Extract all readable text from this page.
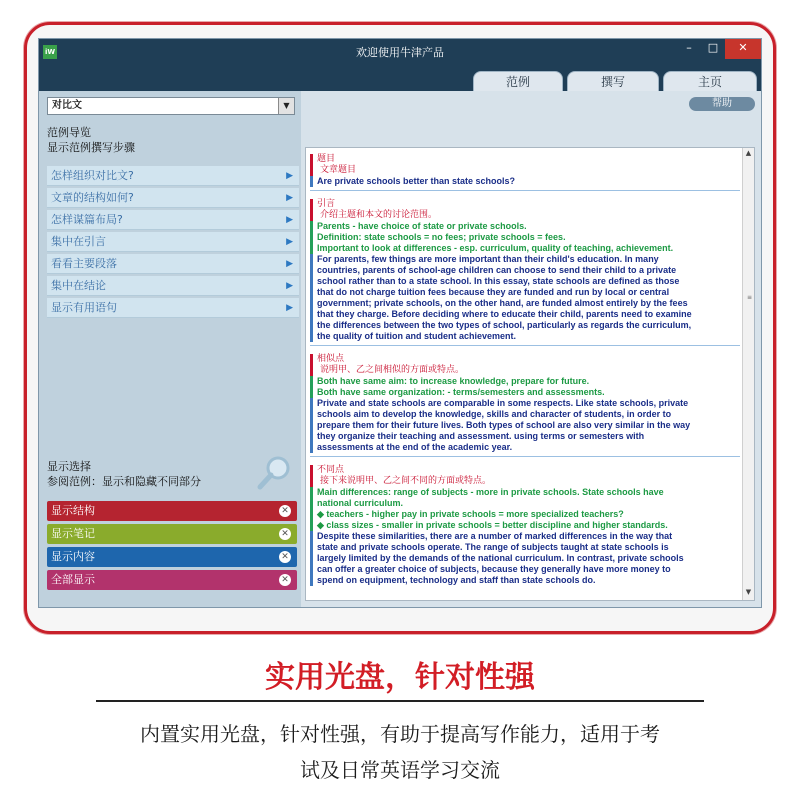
iW	欢迎使用牛津产品	–	□	✕
范例	撰写	主页
对比文	▼
范例导览
显示范例撰写步骤
怎样组织对比文?	▶
文章的结构如何?	▶
怎样谋篇布局?	▶
集中在引言	▶
看看主要段落	▶
集中在结论	▶
显示有用语句	▶
显示选择
参阅范例：显示和隐藏不同部分
显示结构	✕
显示笔记	✕
显示内容	✕
全部显示	✕
帮助
▲
≡
▼
题目
文章题目
Are private schools better than state schools?
引言
介绍主题和本文的讨论范围。
Parents - have choice of state or private schools.
Definition: state schools = no fees; private schools = fees.
Important to look at differences - esp. curriculum, quality of teaching, achievement.
For parents, few things are more important than their child's education. In many
countries, parents of school-age children can choose to send their child to a private
school rather than to a state school. In this essay, state schools are defined as those
that do not charge tuition fees because they are funded and run by local or central
government; private schools, on the other hand, are funded almost entirely by the fees
that they charge. Before deciding where to educate their child, parents need to examine
the differences between the two types of school, particularly as regards the curriculum,
the quality of tuition and student achievement.
相似点
说明甲、乙之间相似的方面或特点。
Both have same aim: to increase knowledge, prepare for future.
Both have same organization: - terms/semesters and assessments.
Private and state schools are comparable in some respects. Like state schools, private
schools aim to develop the knowledge, skills and character of students, in order to
prepare them for their future lives. Both types of school are also very similar in the way
they organize their teaching and assessment. using terms or semesters with
assessments at the end of the academic year.
不同点
接下来说明甲、乙之间不同的方面或特点。
Main differences: range of subjects - more in private schools. State schools have
national curriculum.
◆ teachers - higher pay in private schools = more specialized teachers?
◆ class sizes - smaller in private schools = better discipline and higher standards.
Despite these similarities, there are a number of marked differences in the way that
state and private schools operate. The range of subjects taught at state schools is
largely limited by the demands of the national curriculum. In contrast, private schools
can offer a greater choice of subjects, because they generally have more money to
spend on equipment, technology and staff than state schools do.
实用光盘，针对性强
内置实用光盘，针对性强，有助于提高写作能力，适用于考
试及日常英语学习交流
